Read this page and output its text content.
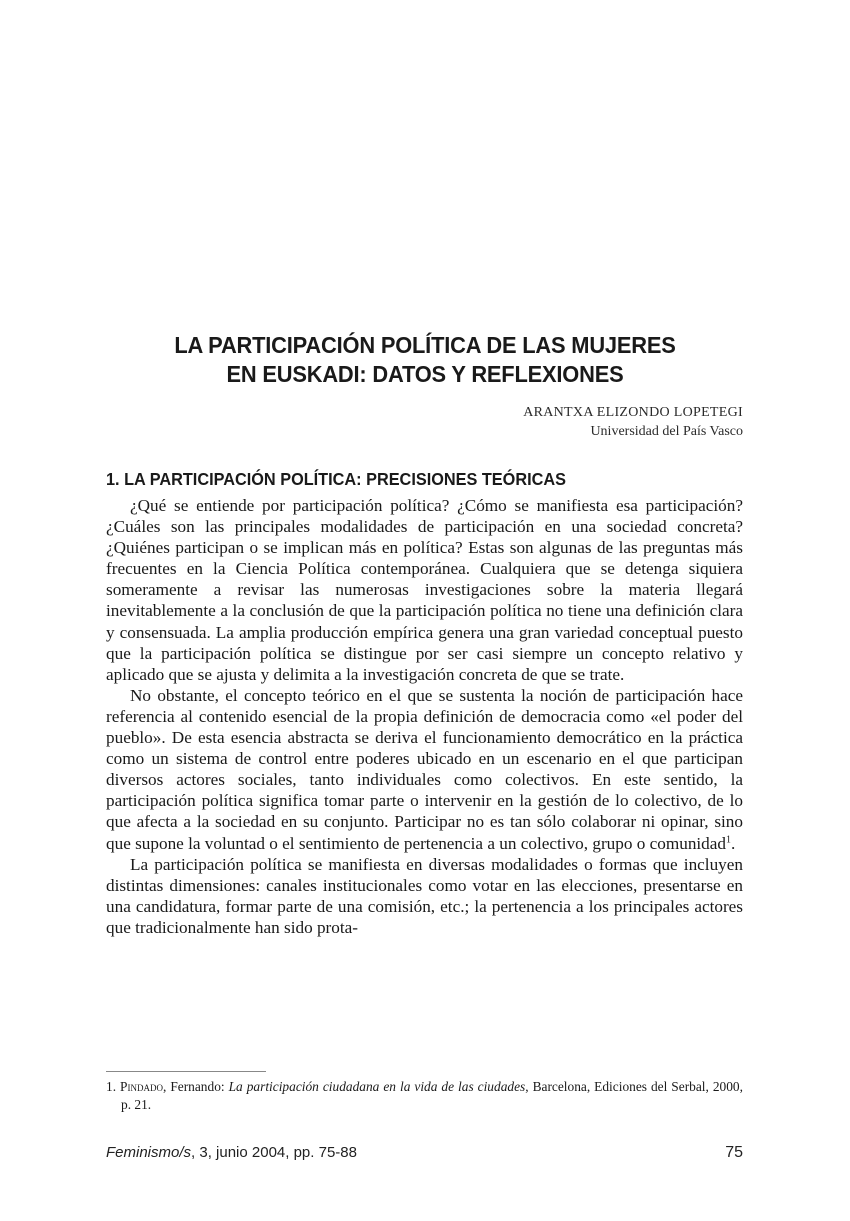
LA PARTICIPACIÓN POLÍTICA DE LAS MUJERES
EN EUSKADI: DATOS Y REFLEXIONES
ARANTXA ELIZONDO LOPETEGI
Universidad del País Vasco
1. LA PARTICIPACIÓN POLÍTICA: PRECISIONES TEÓRICAS

¿Qué se entiende por participación política? ¿Cómo se manifiesta esa participación? ¿Cuáles son las principales modalidades de participación en una sociedad concreta? ¿Quiénes participan o se implican más en política? Estas son algunas de las preguntas más frecuentes en la Ciencia Política contemporánea. Cualquiera que se detenga siquiera someramente a revisar las numerosas investigaciones sobre la materia llegará inevitablemente a la conclusión de que la participación política no tiene una definición clara y consensuada. La amplia producción empírica genera una gran variedad conceptual puesto que la participación política se distingue por ser casi siempre un concepto relativo y aplicado que se ajusta y delimita a la investigación concreta de que se trate.

No obstante, el concepto teórico en el que se sustenta la noción de participación hace referencia al contenido esencial de la propia definición de democracia como «el poder del pueblo». De esta esencia abstracta se deriva el funcionamiento democrático en la práctica como un sistema de control entre poderes ubicado en un escenario en el que participan diversos actores sociales, tanto individuales como colectivos. En este sentido, la participación política significa tomar parte o intervenir en la gestión de lo colectivo, de lo que afecta a la sociedad en su conjunto. Participar no es tan sólo colaborar ni opinar, sino que supone la voluntad o el sentimiento de pertenencia a un colectivo, grupo o comunidad$^1$.

La participación política se manifiesta en diversas modalidades o formas que incluyen distintas dimensiones: canales institucionales como votar en las elecciones, presentarse en una candidatura, formar parte de una comisión, etc.; la pertenencia a los principales actores que tradicionalmente han sido prota-

1. Pindado, Fernando: La participación ciudadana en la vida de las ciudades, Barcelona, Ediciones del Serbal, 2000, p. 21.
Feminismo/s, 3, junio 2004, pp. 75-88	75
